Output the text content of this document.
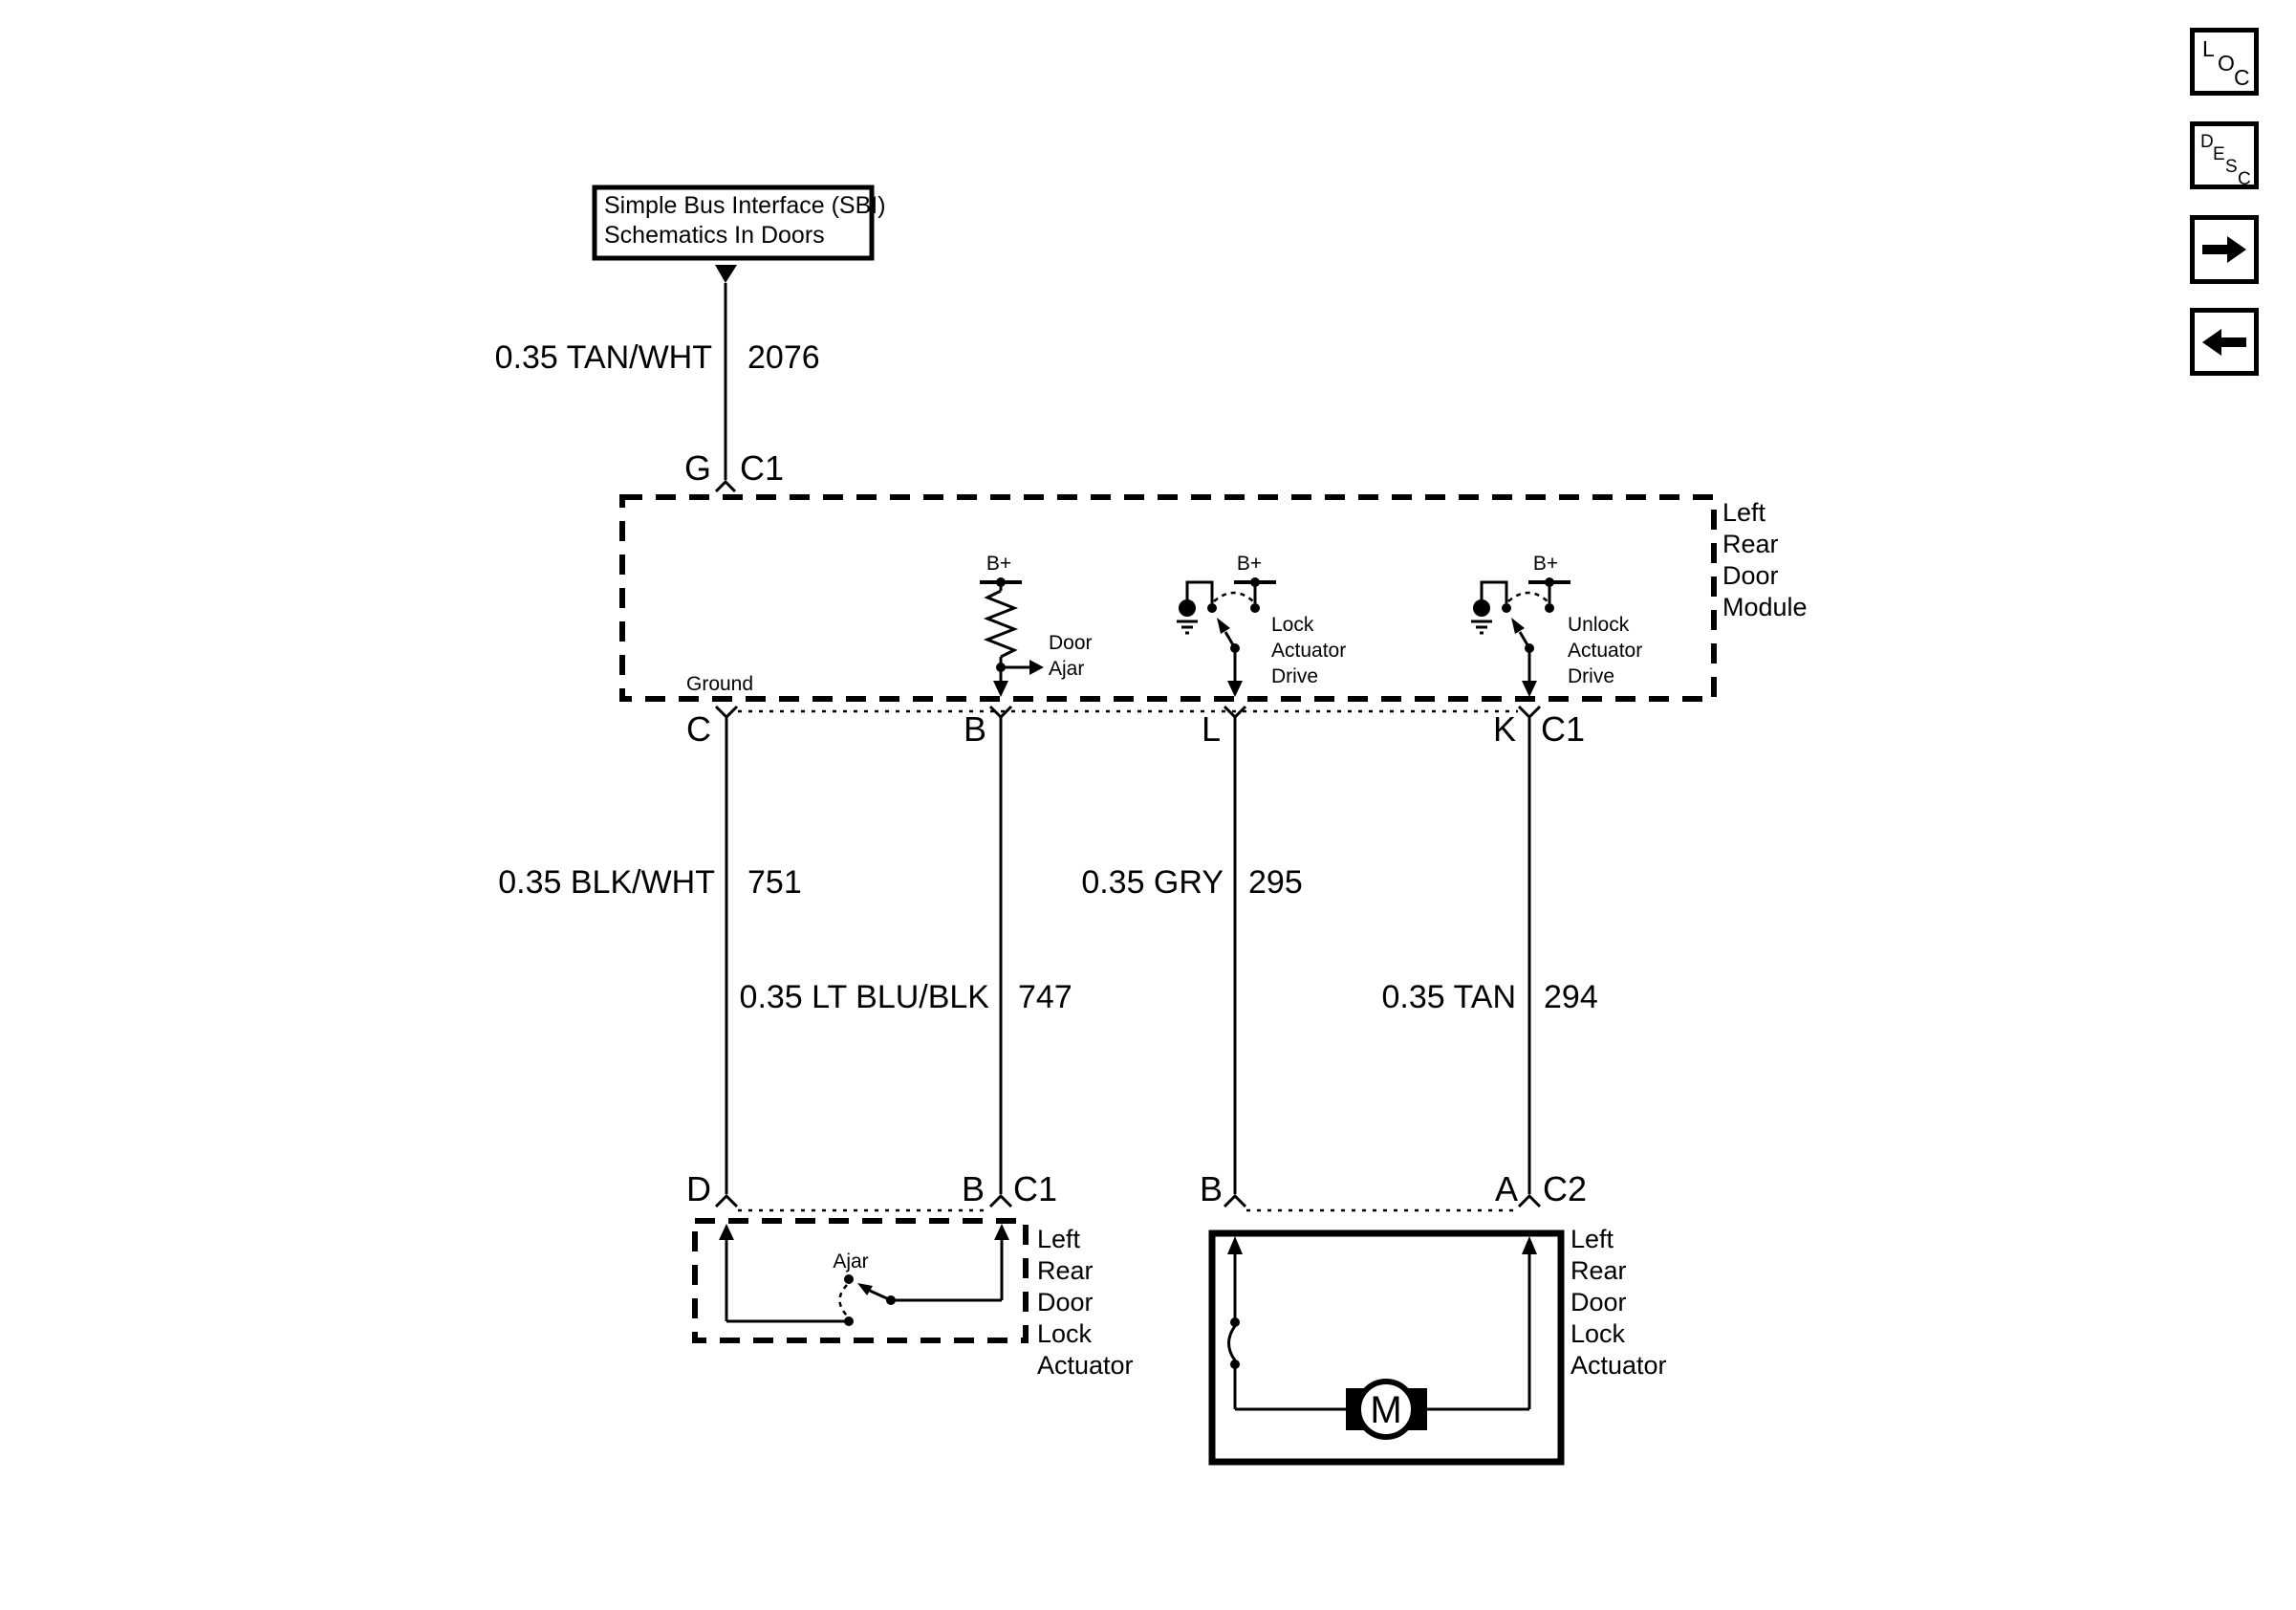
Simple Bus Interface (SBI)
Schematics In Doors
0.35 TAN/WHT 2076
G C1
Left
Rear
Door
Module
Ground
B+
Door
Ajar
B+
Lock
Actuator
Drive
B+
Unlock
Actuator
Drive
C	B	L	K C1
0.35 BLK/WHT 751	0.35 GRY 295
0.35 LT BLU/BLK 747	0.35 TAN 294
D	B C1	B	A C2
Ajar
Left
Rear
Door
Lock
Actuator
M
Left
Rear
Door
Lock
Actuator
L
O
C
D
E
S
C
